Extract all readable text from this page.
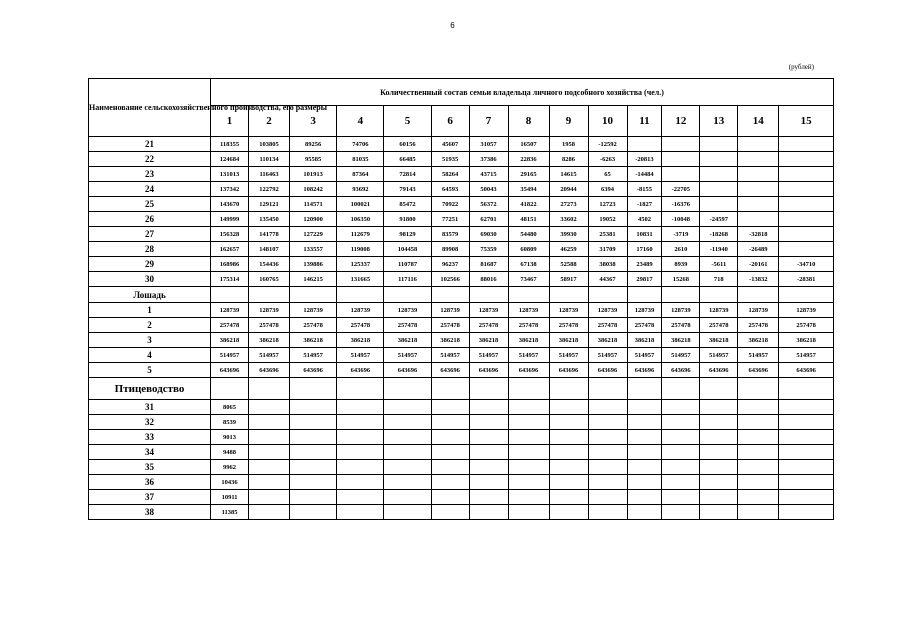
6
(рублей)
Наименование сельскохозяйственного производства, его размеры	Количественный состав семьи владельца личного подсобного хозяйства (чел.)														
	1	2	3	4	5	6	7	8	9	10	11	12	13	14	15
21	118355	103805	89256	74706	60156	45607	31057	16507	1958	-12592					
22	124684	110134	95585	81035	66485	51935	37386	22836	8286	-6263	-20813				
23	131013	116463	101913	87364	72814	58264	43715	29165	14615	65	-14484				
24	137342	122792	108242	93692	79143	64593	50043	35494	20944	6394	-8155	-22705			
25	143670	129121	114571	100021	85472	70922	56372	41822	27273	12723	-1827	-16376			
26	149999	135450	120900	106350	91800	77251	62701	48151	33602	19052	4502	-10048	-24597		
27	156328	141778	127229	112679	98129	83579	69030	54480	39930	25381	10831	-3719	-18268	-32818	
28	162657	148107	133557	119008	104458	89908	75359	60809	46259	31709	17160	2610	-11940	-26489	
29	168986	154436	139886	125337	110787	96237	81687	67138	52588	38038	23489	8939	-5611	-20161	-34710
30	175314	160765	146215	131665	117116	102566	88016	73467	58917	44367	29817	15268	718	-13832	-28381
Лошадь															
1	128739	128739	128739	128739	128739	128739	128739	128739	128739	128739	128739	128739	128739	128739	128739
2	257478	257478	257478	257478	257478	257478	257478	257478	257478	257478	257478	257478	257478	257478	257478
3	386218	386218	386218	386218	386218	386218	386218	386218	386218	386218	386218	386218	386218	386218	386218
4	514957	514957	514957	514957	514957	514957	514957	514957	514957	514957	514957	514957	514957	514957	514957
5	643696	643696	643696	643696	643696	643696	643696	643696	643696	643696	643696	643696	643696	643696	643696
Птицеводство															
31	8065														
32	8539														
33	9013														
34	9488														
35	9962														
36	10436														
37	10911														
38	11385														
